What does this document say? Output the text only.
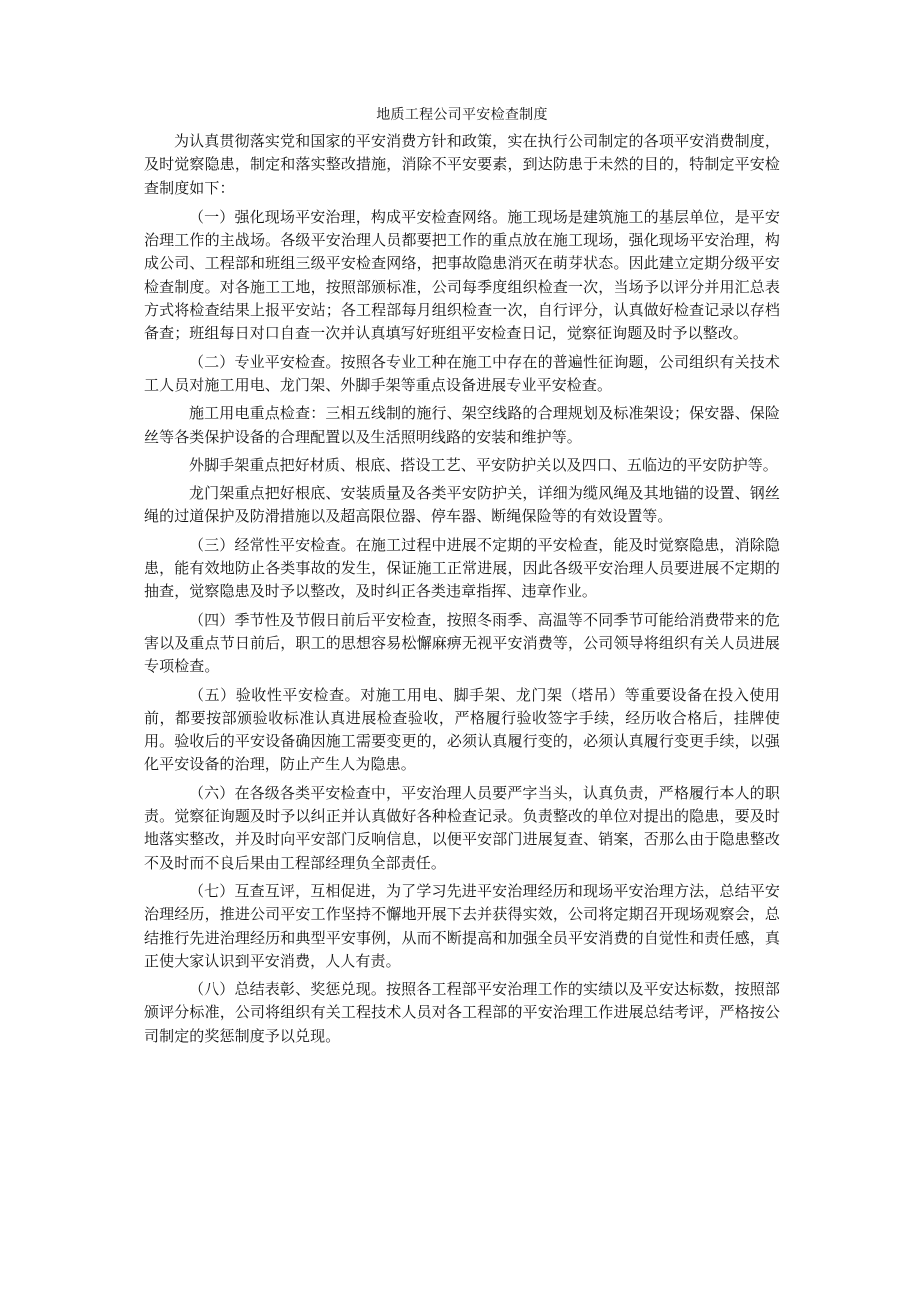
地质工程公司平安检查制度

为认真贯彻落实党和国家的平安消费方针和政策，实在执行公司制定的各项平安消费制度，及时觉察隐患，制定和落实整改措施，消除不平安要素，到达防患于未然的目的，特制定平安检查制度如下：

（一）强化现场平安治理，构成平安检查网络。施工现场是建筑施工的基层单位，是平安治理工作的主战场。各级平安治理人员都要把工作的重点放在施工现场，强化现场平安治理，构成公司、工程部和班组三级平安检查网络，把事故隐患消灭在萌芽状态。因此建立定期分级平安检查制度。对各施工工地，按照部颁标准，公司每季度组织检查一次，当场予以评分并用汇总表方式将检查结果上报平安站；各工程部每月组织检查一次，自行评分，认真做好检查记录以存档备查；班组每日对口自查一次并认真填写好班组平安检查日记，觉察征询题及时予以整改。

（二）专业平安检查。按照各专业工种在施工中存在的普遍性征询题，公司组织有关技术工人员对施工用电、龙门架、外脚手架等重点设备进展专业平安检查。

施工用电重点检查：三相五线制的施行、架空线路的合理规划及标准架设；保安器、保险丝等各类保护设备的合理配置以及生活照明线路的安装和维护等。

外脚手架重点把好材质、根底、搭设工艺、平安防护关以及四口、五临边的平安防护等。

龙门架重点把好根底、安装质量及各类平安防护关，详细为缆风绳及其地锚的设置、钢丝绳的过道保护及防滑措施以及超高限位器、停车器、断绳保险等的有效设置等。

（三）经常性平安检查。在施工过程中进展不定期的平安检查，能及时觉察隐患，消除隐患，能有效地防止各类事故的发生，保证施工正常进展，因此各级平安治理人员要进展不定期的抽查，觉察隐患及时予以整改，及时纠正各类违章指挥、违章作业。

（四）季节性及节假日前后平安检查，按照冬雨季、高温等不同季节可能给消费带来的危害以及重点节日前后，职工的思想容易松懈麻痹无视平安消费等，公司领导将组织有关人员进展专项检查。

（五）验收性平安检查。对施工用电、脚手架、龙门架（塔吊）等重要设备在投入使用前，都要按部颁验收标准认真进展检查验收，严格履行验收签字手续，经历收合格后，挂牌使用。验收后的平安设备确因施工需要变更的，必须认真履行变的，必须认真履行变更手续，以强化平安设备的治理，防止产生人为隐患。

（六）在各级各类平安检查中，平安治理人员要严字当头，认真负责，严格履行本人的职责。觉察征询题及时予以纠正并认真做好各种检查记录。负责整改的单位对提出的隐患，要及时地落实整改，并及时向平安部门反响信息，以便平安部门进展复查、销案，否那么由于隐患整改不及时而不良后果由工程部经理负全部责任。

（七）互查互评，互相促进，为了学习先进平安治理经历和现场平安治理方法，总结平安治理经历，推进公司平安工作坚持不懈地开展下去并获得实效，公司将定期召开现场观察会，总结推行先进治理经历和典型平安事例，从而不断提高和加强全员平安消费的自觉性和责任感，真正使大家认识到平安消费，人人有责。

（八）总结表彰、奖惩兑现。按照各工程部平安治理工作的实绩以及平安达标数，按照部颁评分标准，公司将组织有关工程技术人员对各工程部的平安治理工作进展总结考评，严格按公司制定的奖惩制度予以兑现。
